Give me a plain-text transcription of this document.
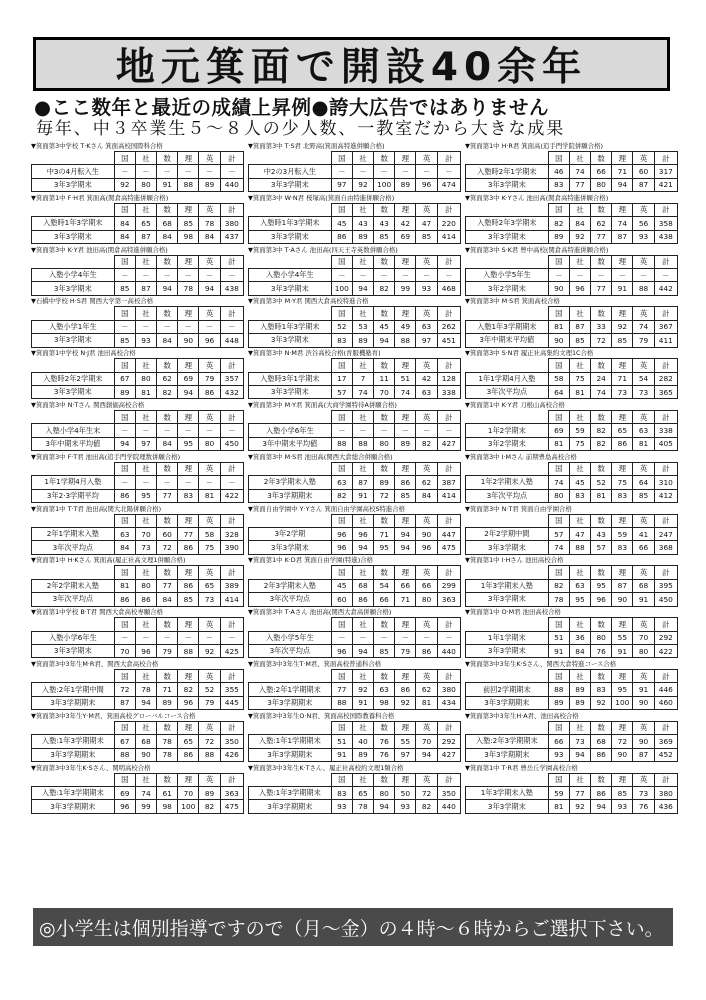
地元箕面で開設40余年
●ここ数年と最近の成績上昇例●誇大広告ではありません
毎年、中３卒業生５～８人の少人数、一教室だから大きな成果
▼箕面第3中学校 T·Kさん 箕面高校国際科合格
	国	社	数	理	英	計
中3の4月転入生	－	－	－	－	－	－
3年3学期末	92	80	91	88	89	440
▼箕面第3中 T·S君 北野高(箕面高特進併願合格)
	国	社	数	理	英	計
中2の3月転入生	－	－	－	－	－	－
3年3学期末	97	92	100	89	96	474
▼箕面第1中 H·R君 箕面高(追手門学院併願合格)
	国	社	数	理	英	計
入塾時2年1学期末	46	74	66	71	60	317
3年3学期末	83	77	80	94	87	421
▼箕面第1中 F·H君 箕面高(関倉高特進併願合格)
	国	社	数	理	英	計
入塾時1年3学期末	84	65	68	85	78	380
3年3学期末	84	87	84	98	84	437
▼箕面第3中 W·N君 桜塚高(箕面自由特進併願合格)
	国	社	数	理	英	計
入塾時1年3学期末	45	43	43	42	47	220
3年3学期末	86	89	85	69	85	414
▼箕面第3中 K·Yさん 池田高(関倉高特進併願合格)
	国	社	数	理	英	計
入塾時2年3学期末	82	84	62	74	56	358
3年3学期末	89	92	77	87	93	438
▼箕面第3中 K·Y君 池田高(関倉高特進併願合格)
	国	社	数	理	英	計
入塾小学4年生	－	－	－	－	－	－
3年3学期末	85	87	94	78	94	438
▼箕面第3中 T·Aさん 池田高(四天王寺英数併願合格)
	国	社	数	理	英	計
入塾小学4年生	－	－	－	－	－	－
3年3学期末	100	94	82	99	93	468
▼箕面第3中 S·K君 豊中高校(関倉高特進併願合格)
	国	社	数	理	英	計
入塾小学5年生	－	－	－	－	－	－
3年2学期末	90	96	77	91	88	442
▼石橋中学校 H·S君 関西大学第一高校合格
	国	社	数	理	英	計
入塾小学1年生	－	－	－	－	－	－
3年3学期末	85	93	84	90	96	448
▼箕面第3中 M·Y君 関西大倉高校特進合格
	国	社	数	理	英	計
入塾時1年3学期末	52	53	45	49	63	262
3年3学期末	83	89	94	88	97	451
▼箕面第3中 M·S君 箕面高校合格
	国	社	数	理	英	計
入塾1年3学期期末	81	87	33	92	74	367
3年中期末平均値	90	85	72	85	79	411
▼箕面第1中学校 N·J君 池田高校合格
	国	社	数	理	英	計
入塾時2年2学期末	67	80	62	69	79	357
3年3学期末	89	81	82	94	86	432
▼箕面第3中 N·M君 渋谷高校合格(育服機塾育)
	国	社	数	理	英	計
入塾時3年1学期末	17	7	11	51	42	128
3年3学期末	57	74	70	74	63	338
▼箕面第3中 S·N君 履正社高集約文理1C合格
	国	社	数	理	英	計
1年1学期4月入塾	58	75	24	71	54	282
3年次平均点	64	81	74	73	73	365
▼箕面第3中 N·Tさん 関西創価高校合格
	国	社	数	理	英	計
入塾小学4年生末	－	－	－	－	－	－
3年中期末平均値	94	97	84	95	80	450
▼箕面第3中 M·Y君 箕面高(大商学園特待A併願合格)
	国	社	数	理	英	計
入塾小学6年生	－	－	－	－	－	－
3年中期末平均値	88	88	80	89	82	427
▼箕面第1中 K·Y君 刀根山高校合格
	国	社	数	理	英	計
1年2学期末	69	59	82	65	63	338
3年2学期末	81	75	82	86	81	405
▼箕面第3中 F·T君 池田高(追手門学院理数併願合格)
	国	社	数	理	英	計
1年1学期4月入塾	－	－	－	－	－	－
3年2·3学期平均	86	95	77	83	81	422
▼箕面第3中 M·S君 池田高(関西大倉総合併願合格)
	国	社	数	理	英	計
2年3学期末入塾	63	87	89	86	62	387
3年3学期期末	82	91	72	85	84	414
▼箕面第3中 I·Mさん 前期豊島高校合格
	国	社	数	理	英	計
1年2学期末入塾	74	45	52	75	64	310
3年次平均点	80	83	81	83	85	412
▼箕面第1中 T·T君 池田高(関大北陽併願合格)
	国	社	数	理	英	計
2年1学期末入塾	63	70	60	77	58	328
3年次平均点	84	73	72	86	75	390
▼箕面自由学園中 Y·Yさん 箕面自由学園高校S特進合格
	国	社	数	理	英	計
3年2学期	96	96	71	94	90	447
3年3学期末	96	94	95	94	96	475
▼箕面第3中 N·T君 箕面自由学園合格
	国	社	数	理	英	計
2年2学期中間	57	47	43	59	41	247
3年3学期末	74	88	57	83	66	368
▼箕面第1中 H·Kさん 箕面高(履正社高文理1併願合格)
	国	社	数	理	英	計
2年2学期末入塾	81	80	77	86	65	389
3年次平均点	86	86	84	85	73	414
▼箕面第1中 K·D君 箕面自由学園(特進)合格
	国	社	数	理	英	計
2年3学期末入塾	45	68	54	66	66	299
3年次平均点	60	86	66	71	80	363
▼箕面第1中 I·Hさん 池田高校合格
	国	社	数	理	英	計
1年3学期末入塾	82	63	95	87	68	395
3年3学期末	78	95	96	90	91	450
▼箕面第1中学校 B·T君 関西大倉高校専願合格
	国	社	数	理	英	計
入塾小学6年生	－	－	－	－	－	－
3年3学期末	70	96	79	88	92	425
▼箕面第3中 T·Aさん 池田高(関西大倉高併願合格)
	国	社	数	理	英	計
入塾小学5年生	－	－	－	－	－	－
3年次平均点	96	94	85	79	86	440
▼箕面第1中 O·M君 池田高校合格
	国	社	数	理	英	計
1年1学期末	51	36	80	55	70	292
3年3学期末	91	84	76	91	80	422
▼箕面第3中3年生M·R君、関西大倉高校合格
	国	社	数	理	英	計
入塾:2年1学期中間	72	78	71	82	52	355
3年3学期期末	87	94	89	96	79	445
▼箕面第3中3年生T·M君、箕面高校普通科合格
	国	社	数	理	英	計
入塾:2年1学期期末	77	92	63	86	62	380
3年3学期期末	88	91	98	92	81	434
▼箕面第3中3年生K·Sさん、関西大倉特進コース合格
	国	社	数	理	英	計
前回2学期期末	88	89	83	95	91	446
3年3学期期末	89	89	92	100	90	460
▼箕面第3中3年生Y·M君、箕面高校グローバルコース合格
	国	社	数	理	英	計
入塾:1年3学期期末	67	68	78	65	72	350
3年3学期期末	88	90	78	86	88	426
▼箕面第3中3年生O·N君、箕面高校国際教養科合格
	国	社	数	理	英	計
入塾:1年1学期期末	51	40	76	55	70	292
3年3学期期末	91	89	76	97	94	427
▼箕面第3中3年生H·A君、池田高校合格
	国	社	数	理	英	計
入塾:2年3学期期末	66	73	68	72	90	369
3年3学期期末	93	94	86	90	87	452
▼箕面第3中3年生K·Sさん、関明高校合格
	国	社	数	理	英	計
入塾:1年3学期期末	69	74	61	70	89	363
3年3学期期末	96	99	98	100	82	475
▼箕面第3中3年生K·Tさん、履正社高校約文理1類合格
	国	社	数	理	英	計
入塾:1年3学期期末	83	65	80	50	72	350
3年3学期期末	93	78	94	93	82	440
▼箕面第1中 T·R君 豊岳丘学園高校合格
	国	社	数	理	英	計
1年3学期末入塾	59	77	86	85	73	380
3年3学期末	81	92	94	93	76	436
◎小学生は個別指導ですので（月～金）の４時～６時からご選択下さい。
